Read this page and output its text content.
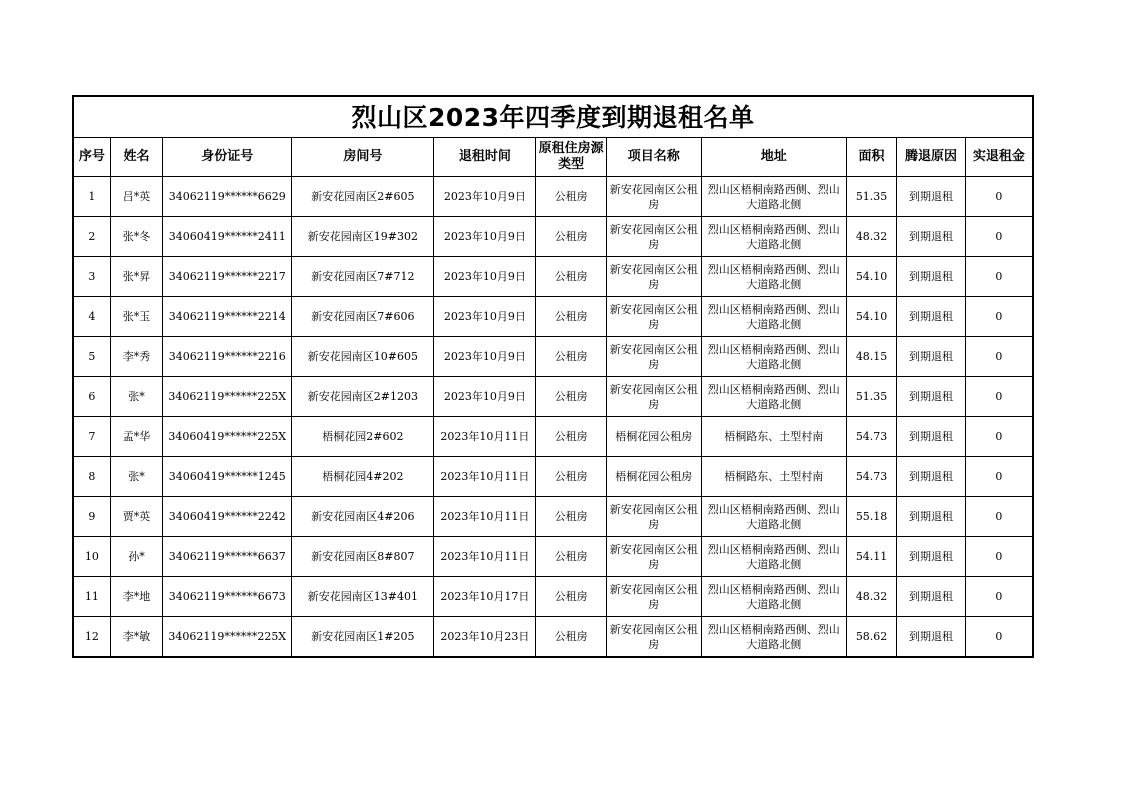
烈山区2023年四季度到期退租名单										
序号	姓名	身份证号	房间号	退租时间	原租住房源类型	项目名称	地址	面积	腾退原因	实退租金
1	吕*英	34062119******6629	新安花园南区2#605	2023年10月9日	公租房	新安花园南区公租房	烈山区梧桐南路西侧、烈山大道路北侧	51.35	到期退租	0
2	张*冬	34060419******2411	新安花园南区19#302	2023年10月9日	公租房	新安花园南区公租房	烈山区梧桐南路西侧、烈山大道路北侧	48.32	到期退租	0
3	张*昇	34062119******2217	新安花园南区7#712	2023年10月9日	公租房	新安花园南区公租房	烈山区梧桐南路西侧、烈山大道路北侧	54.10	到期退租	0
4	张*玉	34062119******2214	新安花园南区7#606	2023年10月9日	公租房	新安花园南区公租房	烈山区梧桐南路西侧、烈山大道路北侧	54.10	到期退租	0
5	李*秀	34062119******2216	新安花园南区10#605	2023年10月9日	公租房	新安花园南区公租房	烈山区梧桐南路西侧、烈山大道路北侧	48.15	到期退租	0
6	张*	34062119******225X	新安花园南区2#1203	2023年10月9日	公租房	新安花园南区公租房	烈山区梧桐南路西侧、烈山大道路北侧	51.35	到期退租	0
7	孟*华	34060419******225X	梧桐花园2#602	2023年10月11日	公租房	梧桐花园公租房	梧桐路东、土型村南	54.73	到期退租	0
8	张*	34060419******1245	梧桐花园4#202	2023年10月11日	公租房	梧桐花园公租房	梧桐路东、土型村南	54.73	到期退租	0
9	贾*英	34060419******2242	新安花园南区4#206	2023年10月11日	公租房	新安花园南区公租房	烈山区梧桐南路西侧、烈山大道路北侧	55.18	到期退租	0
10	孙*	34062119******6637	新安花园南区8#807	2023年10月11日	公租房	新安花园南区公租房	烈山区梧桐南路西侧、烈山大道路北侧	54.11	到期退租	0
11	李*地	34062119******6673	新安花园南区13#401	2023年10月17日	公租房	新安花园南区公租房	烈山区梧桐南路西侧、烈山大道路北侧	48.32	到期退租	0
12	李*敏	34062119******225X	新安花园南区1#205	2023年10月23日	公租房	新安花园南区公租房	烈山区梧桐南路西侧、烈山大道路北侧	58.62	到期退租	0
